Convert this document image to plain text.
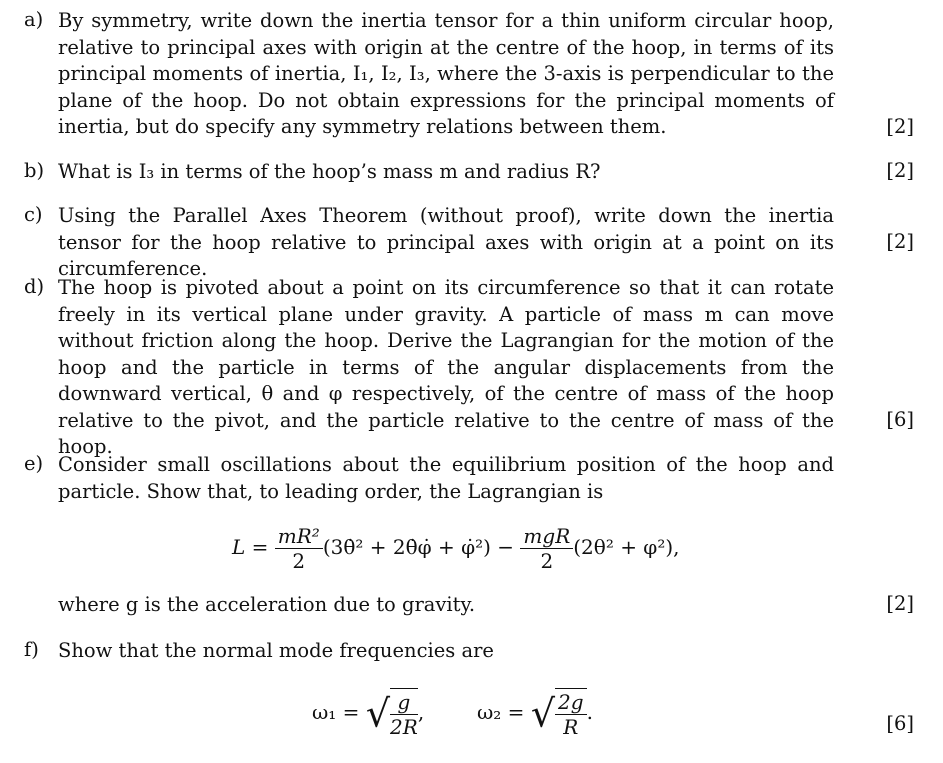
a) By symmetry, write down the inertia tensor for a thin uniform circular hoop, relative to principal axes with origin at the centre of the hoop, in terms of its principal moments of inertia, I₁, I₂, I₃, where the 3-axis is perpendicular to the plane of the hoop. Do not obtain expressions for the principal moments of inertia, but do specify any symmetry relations between them.	[2]
b) What is I₃ in terms of the hoop’s mass m and radius R?	[2]
c) Using the Parallel Axes Theorem (without proof), write down the inertia tensor for the hoop relative to principal axes with origin at a point on its circumference.
[2]
d) The hoop is pivoted about a point on its circumference so that it can rotate freely in its vertical plane under gravity. A particle of mass m can move without friction along the hoop. Derive the Lagrangian for the motion of the hoop and the particle in terms of the angular displacements from the downward vertical, θ and φ respectively, of the centre of mass of the hoop relative to the pivot, and the particle relative to the centre of mass of the hoop.
[6]
e) Consider small oscillations about the equilibrium position of the hoop and particle. Show that, to leading order, the Lagrangian is
where g is the acceleration due to gravity.	[2]
$L = \frac{\text{mR²}}{2}$ (3θ̇² + 2θ̇φ̇ + φ̇²) − $\frac{\text{mgR}}{2} (2\theta^2 + \varphi^2)$,
f) Show that the normal mode frequencies are
[6]
ω₁ = √ $\frac{g}{2R}$ ,	ω₂ = √ $\frac{2g}{R}$ .
